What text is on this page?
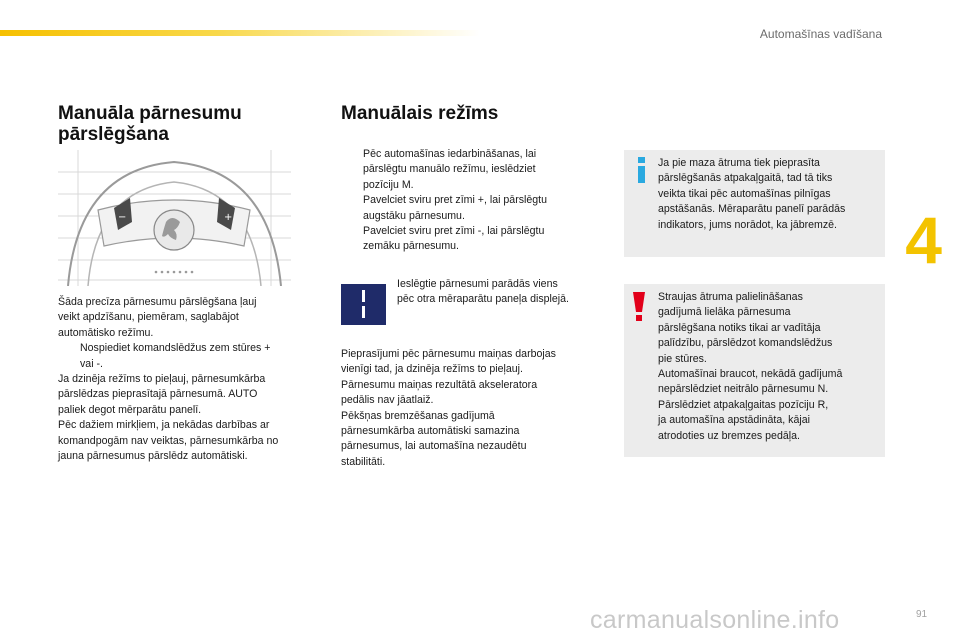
Automašīnas vadīšana
4
Manuāla pārnesumu
pārslēgšana
−	+
Šāda precīza pārnesumu pārslēgšana ļauj
veikt apdzīšanu, piemēram, saglabājot
automātisko režīmu.
Nospiediet komandslēdžus zem stūres +
vai -.
Ja dzinēja režīms to pieļauj, pārnesumkārba
pārslēdzas pieprasītajā pārnesumā. AUTO
paliek degot mērparātu panelī.
Pēc dažiem mirkļiem, ja nekādas darbības ar
komandpogām nav veiktas, pārnesumkārba no
jauna pārnesumus pārslēdz automātiski.
Manuālais režīms
Pēc automašīnas iedarbināšanas, lai
pārslēgtu manuālo režīmu, ieslēdziet
pozīciju M.
Pavelciet sviru pret zīmi +, lai pārslēgtu
augstāku pārnesumu.
Pavelciet sviru pret zīmi -, lai pārslēgtu
zemāku pārnesumu.
Ieslēgtie pārnesumi parādās viens
pēc otra mēraparātu paneļa displejā.
Pieprasījumi pēc pārnesumu maiņas darbojas
vienīgi tad, ja dzinēja režīms to pieļauj.
Pārnesumu maiņas rezultātā akseleratora
pedālis nav jāatlaiž.
Pēkšņas bremzēšanas gadījumā
pārnesumkārba automātiski samazina
pārnesumus, lai automašīna nezaudētu
stabilitāti.
Ja pie maza ātruma tiek pieprasīta
pārslēgšanās atpakaļgaitā, tad tā tiks
veikta tikai pēc automašīnas pilnīgas
apstāšanās. Mēraparātu panelī parādās
indikators, jums norādot, ka jābremzē.
Straujas ātruma palielināšanas
gadījumā lielāka pārnesuma
pārslēgšana notiks tikai ar vadītāja
palīdzību, pārslēdzot komandslēdžus
pie stūres.
Automašīnai braucot, nekādā gadījumā
nepārslēdziet neitrālo pārnesumu N.
Pārslēdziet atpakaļgaitas pozīciju R,
ja automašīna apstādināta, kājai
atrodoties uz bremzes pedāļa.
carmanualsonline.info	91
